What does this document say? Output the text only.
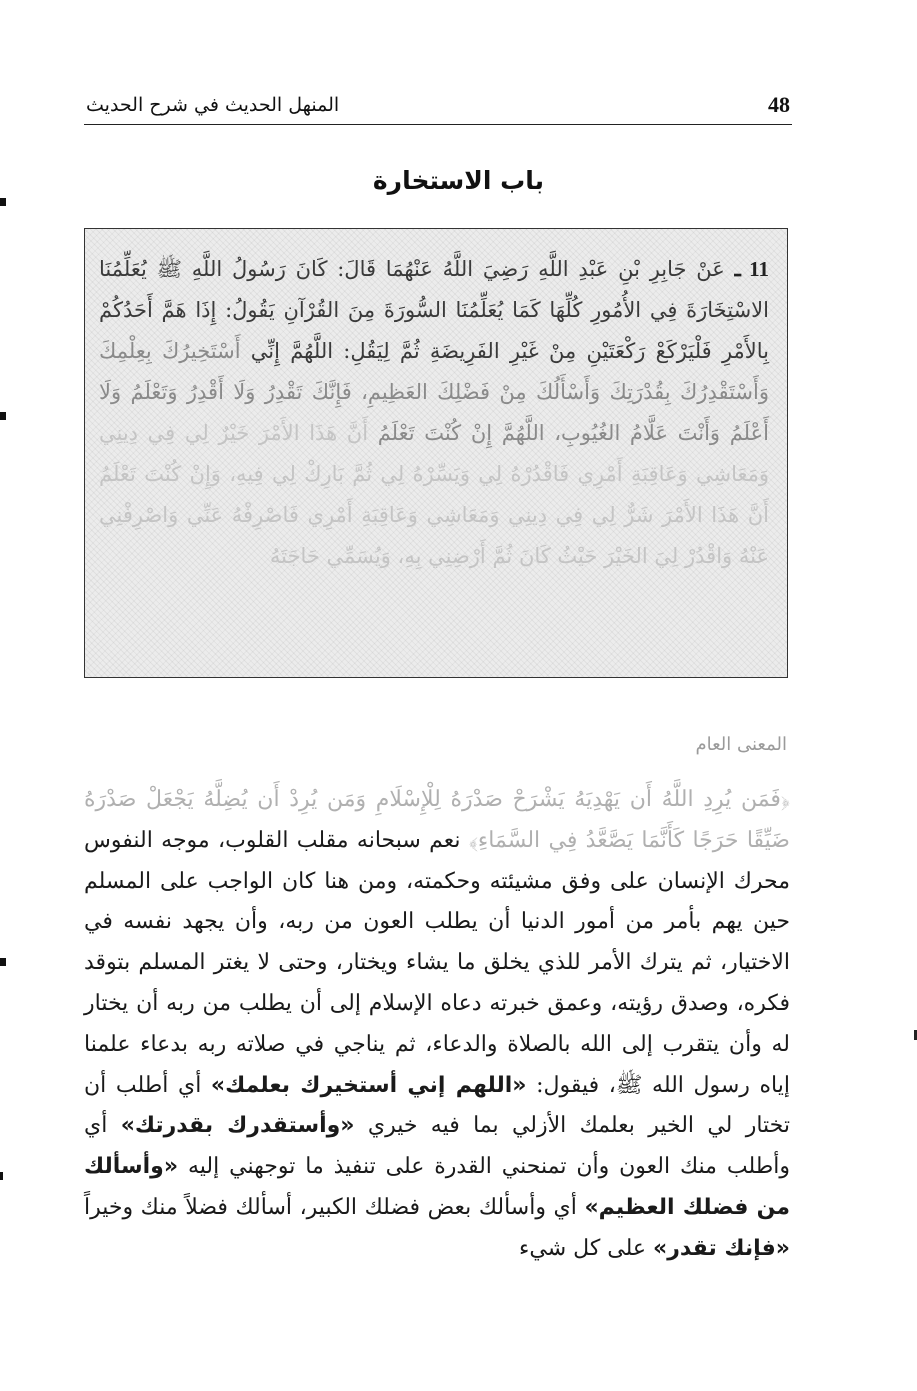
48
المنهل الحديث في شرح الحديث
باب الاستخارة
11 ـ عَنْ جَابِرِ بْنِ عَبْدِ اللَّهِ رَضِيَ اللَّهُ عَنْهُمَا قَالَ: كَانَ رَسُولُ اللَّهِ ﷺ يُعَلِّمُنَا الاسْتِخَارَةَ فِي الأُمُورِ كُلِّهَا كَمَا يُعَلِّمُنَا السُّورَةَ مِنَ القُرْآنِ يَقُولُ: إِذَا هَمَّ أَحَدُكُمْ بِالأَمْرِ فَلْيَرْكَعْ رَكْعَتَيْنِ مِنْ غَيْرِ الفَرِيضَةِ ثُمَّ لِيَقُلِ: اللَّهُمَّ إِنِّي أَسْتَخِيرُكَ بِعِلْمِكَ وَأَسْتَقْدِرُكَ بِقُدْرَتِكَ وَأَسْأَلُكَ مِنْ فَضْلِكَ العَظِيمِ، فَإِنَّكَ تَقْدِرُ وَلَا أَقْدِرُ وَتَعْلَمُ وَلَا أَعْلَمُ وَأَنْتَ عَلَّامُ الغُيُوبِ، اللَّهُمَّ إِنْ كُنْتَ تَعْلَمُ أَنَّ هَذَا الأَمْرَ خَيْرٌ لِي فِي دِينِي وَمَعَاشِي وَعَاقِبَةِ أَمْرِي فَاقْدُرْهُ لِي وَيَسِّرْهُ لِي ثُمَّ بَارِكْ لِي فِيهِ، وَإِنْ كُنْتَ تَعْلَمُ أَنَّ هَذَا الأَمْرَ شَرٌّ لِي فِي دِينِي وَمَعَاشِي وَعَاقِبَةِ أَمْرِي فَاصْرِفْهُ عَنِّي وَاصْرِفْنِي عَنْهُ وَاقْدُرْ لِيَ الخَيْرَ حَيْثُ كَانَ ثُمَّ أَرْضِنِي بِهِ، وَيُسَمِّي حَاجَتَهُ
المعنى العام
﴿فَمَن يُرِدِ اللَّهُ أَن يَهْدِيَهُ يَشْرَحْ صَدْرَهُ لِلْإِسْلَامِ وَمَن يُرِدْ أَن يُضِلَّهُ يَجْعَلْ صَدْرَهُ ضَيِّقًا حَرَجًا كَأَنَّمَا يَصَّعَّدُ فِي السَّمَاءِ﴾ نعم سبحانه مقلب القلوب، موجه النفوس محرك الإنسان على وفق مشيئته وحكمته، ومن هنا كان الواجب على المسلم حين يهم بأمر من أمور الدنيا أن يطلب العون من ربه، وأن يجهد نفسه في الاختيار، ثم يترك الأمر للذي يخلق ما يشاء ويختار، وحتى لا يغتر المسلم بتوقد فكره، وصدق رؤيته، وعمق خبرته دعاه الإسلام إلى أن يطلب من ربه أن يختار له وأن يتقرب إلى الله بالصلاة والدعاء، ثم يناجي في صلاته ربه بدعاء علمنا إياه رسول الله ﷺ، فيقول: «اللهم إني أستخيرك بعلمك» أي أطلب أن تختار لي الخير بعلمك الأزلي بما فيه خيري «وأستقدرك بقدرتك» أي وأطلب منك العون وأن تمنحني القدرة على تنفيذ ما توجهني إليه «وأسألك من فضلك العظيم» أي وأسألك بعض فضلك الكبير، أسألك فضلاً منك وخيراً «فإنك تقدر» على كل شيء
